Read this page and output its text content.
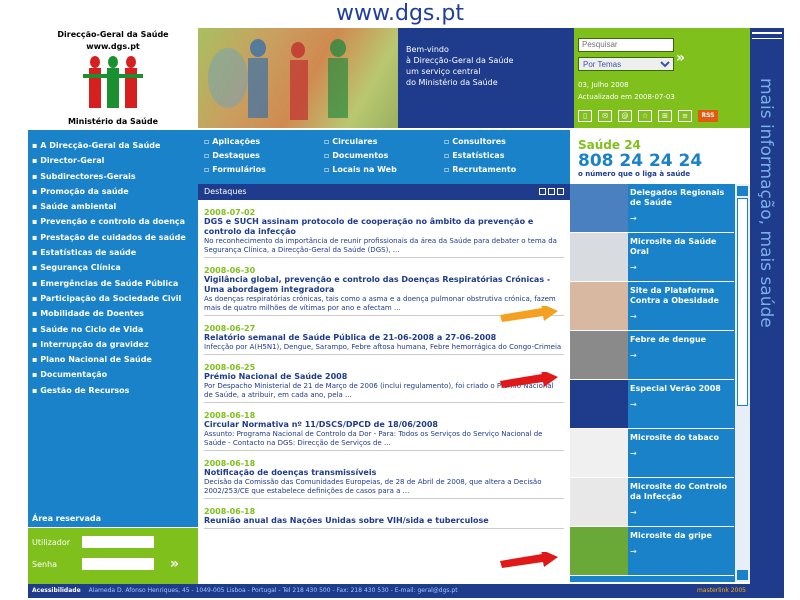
www.dgs.pt
Direcção-Geral da Saúde
www.dgs.pt
Ministério da Saúde
Bem-vindo
à Direcção-Geral da Saúde
um serviço central
do Ministério da Saúde
Pesquisar
Por Temas
»
03, Julho 2008
Actualizado em 2008-07-03
▯	✉	@	☆	⊞	≡	RSS mais informação, mais saúde
▪ A Direcção-Geral da Saúde
▪ Director-Geral
▪ Subdirectores-Gerais
▪ Promoção da saúde
▪ Saúde ambiental
▪ Prevenção e controlo da doença
▪ Prestação de cuidados de saúde
▪ Estatísticas de saúde
▪ Segurança Clínica
▪ Emergências de Saúde Pública
▪ Participação da Sociedade Civil
▪ Mobilidade de Doentes
▪ Saúde no Ciclo de Vida
▪ Interrupção da gravidez
▪ Plano Nacional de Saúde
▪ Documentação
▪ Gestão de Recursos
Área reservada
Utilizador
Senha	»
▫ Aplicações	▫ Circulares	▫ Consultores
▫ Destaques	▫ Documentos	▫ Estatísticas
▫ Formulários	▫ Locais na Web	▫ Recrutamento
Saúde 24
808 24 24 24
o número que o liga à saúde
Destaques
2008-07-02
DGS e SUCH assinam protocolo de cooperação no âmbito da prevenção e controlo da infecção
No reconhecimento da importância de reunir profissionais da área da Saúde para debater o tema da Segurança Clínica, a Direcção-Geral da Saúde (DGS), ...
2008-06-30
Vigilância global, prevenção e controlo das Doenças Respiratórias Crónicas - Uma abordagem integradora
As doenças respiratórias crónicas, tais como a asma e a doença pulmonar obstrutiva crónica, fazem mais de quatro milhões de vítimas por ano e afectam ...
2008-06-27
Relatório semanal de Saúde Pública de 21-06-2008 a 27-06-2008
Infecção por A(H5N1), Dengue, Sarampo, Febre aftosa humana, Febre hemorrágica do Congo-Crimeia
2008-06-25
Prémio Nacional de Saúde 2008
Por Despacho Ministerial de 21 de Março de 2006 (inclui regulamento), foi criado o Prémio Nacional de Saúde, a atribuir, em cada ano, pela ...
2008-06-18
Circular Normativa nº 11/DSCS/DPCD de 18/06/2008
Assunto: Programa Nacional de Controlo da Dor - Para: Todos os Serviços do Serviço Nacional de Saúde - Contacto na DGS: Direcção de Serviços de ...
2008-06-18
Notificação de doenças transmissíveis
Decisão da Comissão das Comunidades Europeias, de 28 de Abril de 2008, que altera a Decisão 2002/253/CE que estabelece definições de casos para a ...
2008-06-18
Reunião anual das Nações Unidas sobre VIH/sida e tuberculose
Delegados Regionais de Saúde
→
Microsite da Saúde Oral
→
Site da Plataforma Contra a Obesidade
→
Febre de dengue
→
Especial Verão 2008
→
Microsite do tabaco
→
Microsite do Controlo da Infecção
→
Microsite da gripe
→
Acessibilidade Alameda D. Afonso Henriques, 45 - 1049-005 Lisboa - Portugal - Tel 218 430 500 - Fax: 218 430 530 - E-mail: geral@dgs.pt	masterlink 2005
